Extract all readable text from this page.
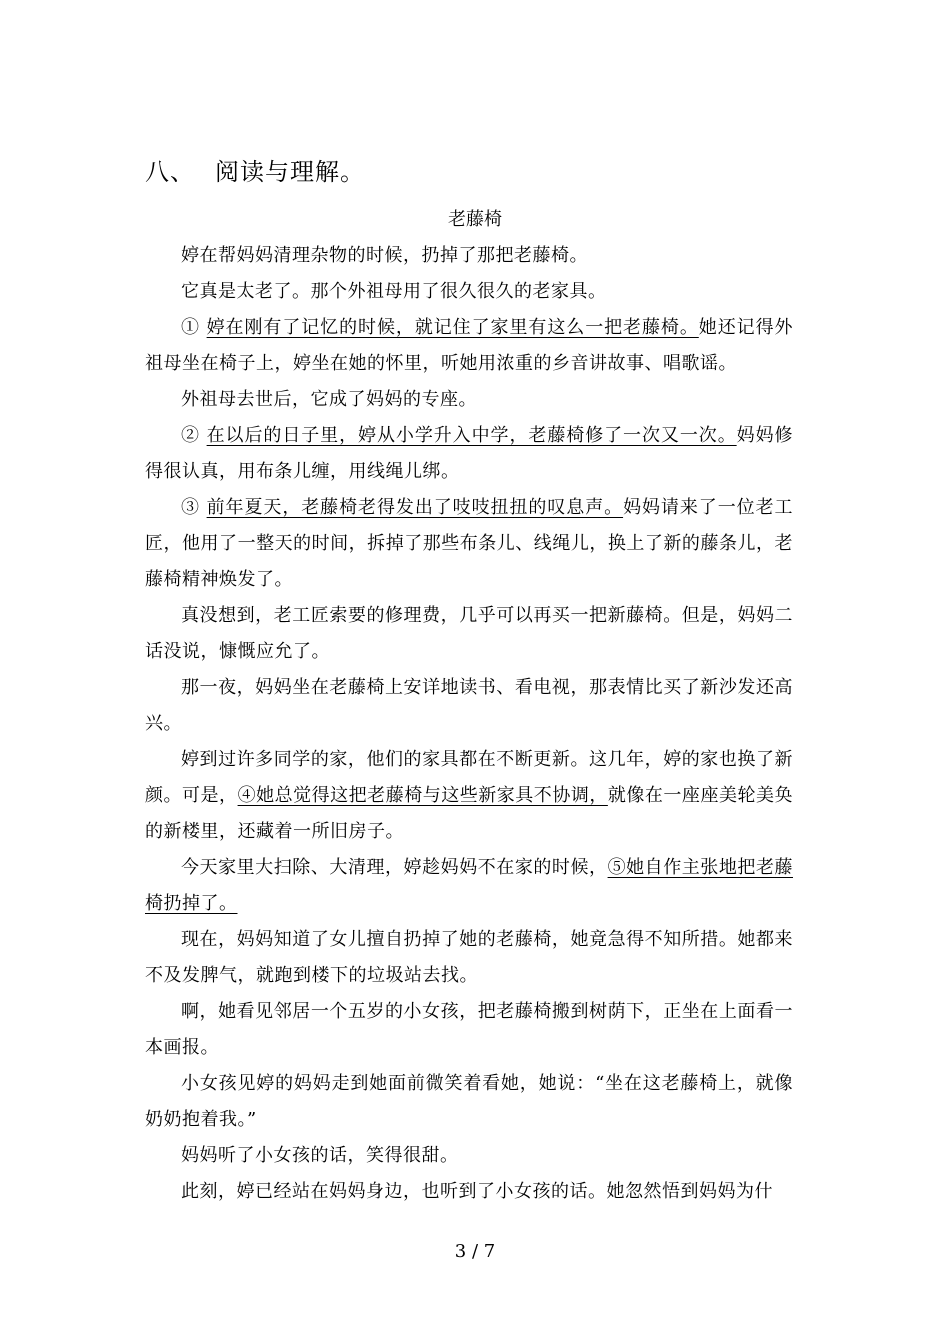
八、 阅读与理解。
老藤椅

婷在帮妈妈清理杂物的时候，扔掉了那把老藤椅。

它真是太老了。那个外祖母用了很久很久的老家具。

① 婷在刚有了记忆的时候，就记住了家里有这么一把老藤椅。她还记得外祖母坐在椅子上，婷坐在她的怀里，听她用浓重的乡音讲故事、唱歌谣。

外祖母去世后，它成了妈妈的专座。

② 在以后的日子里，婷从小学升入中学，老藤椅修了一次又一次。妈妈修得很认真，用布条儿缠，用线绳儿绑。

③ 前年夏天，老藤椅老得发出了吱吱扭扭的叹息声。妈妈请来了一位老工匠，他用了一整天的时间，拆掉了那些布条儿、线绳儿，换上了新的藤条儿，老藤椅精神焕发了。

真没想到，老工匠索要的修理费，几乎可以再买一把新藤椅。但是，妈妈二话没说，慷慨应允了。

那一夜，妈妈坐在老藤椅上安详地读书、看电视，那表情比买了新沙发还高兴。

婷到过许多同学的家，他们的家具都在不断更新。这几年，婷的家也换了新颜。可是，④她总觉得这把老藤椅与这些新家具不协调，就像在一座座美轮美奂的新楼里，还藏着一所旧房子。

今天家里大扫除、大清理，婷趁妈妈不在家的时候，⑤她自作主张地把老藤椅扔掉了。

现在，妈妈知道了女儿擅自扔掉了她的老藤椅，她竟急得不知所措。她都来不及发脾气，就跑到楼下的垃圾站去找。

啊，她看见邻居一个五岁的小女孩，把老藤椅搬到树荫下，正坐在上面看一本画报。

小女孩见婷的妈妈走到她面前微笑着看她，她说：“坐在这老藤椅上，就像奶奶抱着我。”

妈妈听了小女孩的话，笑得很甜。

此刻，婷已经站在妈妈身边，也听到了小女孩的话。她忽然悟到妈妈为什

3 / 7
